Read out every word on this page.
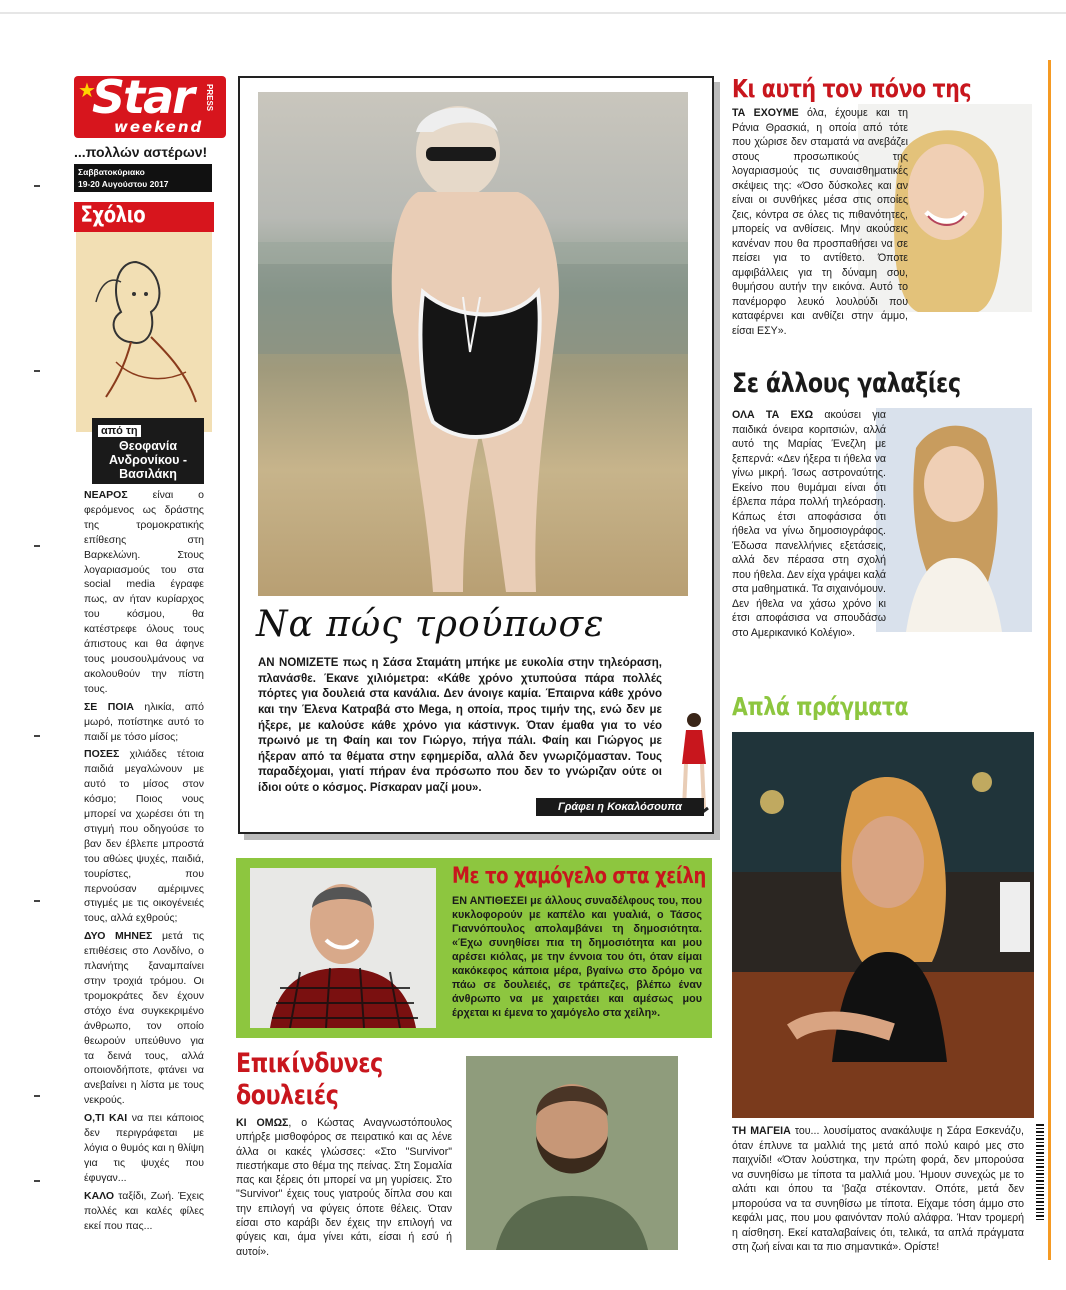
★
Star PRESS
weekend
...πολλών αστέρων!
Σαββατοκύριακο
19-20 Αυγούστου 2017
Σχόλιο
από τη
Θεοφανία Ανδρονίκου - Βασιλάκη

ΝΕΑΡΟΣ είναι ο φερόμενος ως δράστης της τρομοκρατικής επίθεσης στη Βαρκελώνη. Στους λογαριασμούς του στα social media έγραφε πως, αν ήταν κυρίαρχος του κόσμου, θα κατέστρεφε όλους τους άπιστους και θα άφηνε τους μουσουλμάνους να ακολουθούν την πίστη τους.

ΣΕ ΠΟΙΑ ηλικία, από μωρό, ποτίστηκε αυτό το παιδί με τόσο μίσος;

ΠΟΣΕΣ χιλιάδες τέτοια παιδιά μεγαλώνουν με αυτό το μίσος στον κόσμο; Ποιος νους μπορεί να χωρέσει ότι τη στιγμή που οδηγούσε το βαν δεν έβλεπε μπροστά του αθώες ψυχές, παιδιά, τουρίστες, που περνούσαν αμέριμνες στιγμές με τις οικογένειές τους, αλλά εχθρούς;

ΔΥΟ ΜΗΝΕΣ μετά τις επιθέσεις στο Λονδίνο, ο πλανήτης ξαναμπαίνει στην τροχιά τρόμου. Οι τρομοκράτες δεν έχουν στόχο ένα συγκεκριμένο άνθρωπο, τον οποίο θεωρούν υπεύθυνο για τα δεινά τους, αλλά οποιονδήποτε, φτάνει να ανεβαίνει η λίστα με τους νεκρούς.

Ο,ΤΙ ΚΑΙ να πει κάποιος δεν περιγράφεται με λόγια ο θυμός και η θλίψη για τις ψυχές που έφυγαν...

ΚΑΛΟ ταξίδι, Ζωή. Έχεις πολλές και καλές φίλες εκεί που πας...

Να πώς τρούπωσε
ΑΝ ΝΟΜΙΖΕΤΕ πως η Σάσα Σταμάτη μπήκε με ευκολία στην τηλεόραση, πλανάσθε. Έκανε χιλιόμετρα: «Κάθε χρόνο χτυπούσα πάρα πολλές πόρτες για δουλειά στα κανάλια. Δεν άνοιγε καμία. Έπαιρνα κάθε χρόνο και την Έλενα Κατραβά στο Mega, η οποία, προς τιμήν της, ενώ δεν με ήξερε, με καλούσε κάθε χρόνο για κάστινγκ. Όταν έμαθα για το νέο πρωινό με τη Φαίη και τον Γιώργο, πήγα πάλι. Φαίη και Γιώργος με ήξεραν από τα θέματα στην εφημερίδα, αλλά δεν γνωριζόμασταν. Τους παραδέχομαι, γιατί πήραν ένα πρόσωπο που δεν το γνώριζαν ούτε οι ίδιοι ούτε ο κόσμος. Ρίσκαραν μαζί μου».
Γράφει η Κοκαλόσουπα
Με το χαμόγελο στα χείλη
ΕΝ ΑΝΤΙΘΕΣΕΙ με άλλους συναδέλφους του, που κυκλοφορούν με καπέλο και γυαλιά, ο Τάσος Γιαννόπουλος απολαμβάνει τη δημοσιότητα. «Έχω συνηθίσει πια τη δημοσιότητα και μου αρέσει κιόλας, με την έννοια του ότι, όταν είμαι κακόκεφος κάποια μέρα, βγαίνω στο δρόμο να πάω σε δουλειές, σε τράπεζες, βλέπω έναν άνθρωπο να με χαιρετάει και αμέσως μου έρχεται κι έμενα το χαμόγελο στα χείλη».
Επικίνδυνες
δουλειές
ΚΙ ΟΜΩΣ, ο Κώστας Αναγνωστόπουλος υπήρξε μισθοφόρος σε πειρατικό και ας λένε άλλα οι κακές γλώσσες: «Στο "Survivor" πιεστήκαμε στο θέμα της πείνας. Στη Σομαλία πας και ξέρεις ότι μπορεί να μη γυρίσεις. Στο "Survivor" έχεις τους γιατρούς δίπλα σου και την επιλογή να φύγεις όποτε θέλεις. Όταν είσαι στο καράβι δεν έχεις την επιλογή να φύγεις και, άμα γίνει κάτι, είσαι ή εσύ ή αυτοί».
Κι αυτή τον πόνο της
ΤΑ ΕΧΟΥΜΕ όλα, έχουμε και τη Ράνια Θρασκιά, η οποία από τότε που χώρισε δεν σταματά να ανεβάζει στους προσωπικούς της λογαριασμούς τις συναισθηματικές σκέψεις της: «Όσο δύσκολες και αν είναι οι συνθήκες μέσα στις οποίες ζεις, κόντρα σε όλες τις πιθανότητες, μπορείς να ανθίσεις. Μην ακούσεις κανέναν που θα προσπαθήσει να σε πείσει για το αντίθετο. Όποτε αμφιβάλλεις για τη δύναμη σου, θυμήσου αυτήν την εικόνα. Αυτό το πανέμορφο λευκό λουλούδι που καταφέρνει και ανθίζει στην άμμο, είσαι ΕΣΥ».
Σε άλλους γαλαξίες
ΟΛΑ ΤΑ ΕΧΩ ακούσει για παιδικά όνειρα κοριτσιών, αλλά αυτό της Μαρίας Ένεζλη με ξεπερνά: «Δεν ήξερα τι ήθελα να γίνω μικρή. Ίσως αστροναύτης. Εκείνο που θυμάμαι είναι ότι έβλεπα πάρα πολλή τηλεόραση. Κάπως έτσι αποφάσισα ότι ήθελα να γίνω δημοσιογράφος. Έδωσα πανελλήνιες εξετάσεις, αλλά δεν πέρασα στη σχολή που ήθελα. Δεν είχα γράψει καλά στα μαθηματικά. Τα σιχαινόμουν. Δεν ήθελα να χάσω χρόνο κι έτσι αποφάσισα να σπουδάσω στο Αμερικανικό Κολέγιο».
Απλά πράγματα
ΤΗ ΜΑΓΕΙΑ του... λουσίματος ανακάλυψε η Σάρα Εσκενάζυ, όταν έπλυνε τα μαλλιά της μετά από πολύ καιρό μες στο παιχνίδι! «Όταν λούστηκα, την πρώτη φορά, δεν μπορούσα να συνηθίσω με τίποτα τα μαλλιά μου. Ήμουν συνεχώς με το αλάτι και όπου τα 'βαζα στέκονταν. Οπότε, μετά δεν μπορούσα να τα συνηθίσω με τίποτα. Είχαμε τόση άμμο στο κεφάλι μας, που μου φαινόνταν πολύ αλάφρα. Ήταν τρομερή η αίσθηση. Εκεί καταλαβαίνεις ότι, τελικά, τα απλά πράγματα στη ζωή είναι και τα πιο σημαντικά». Ορίστε!
